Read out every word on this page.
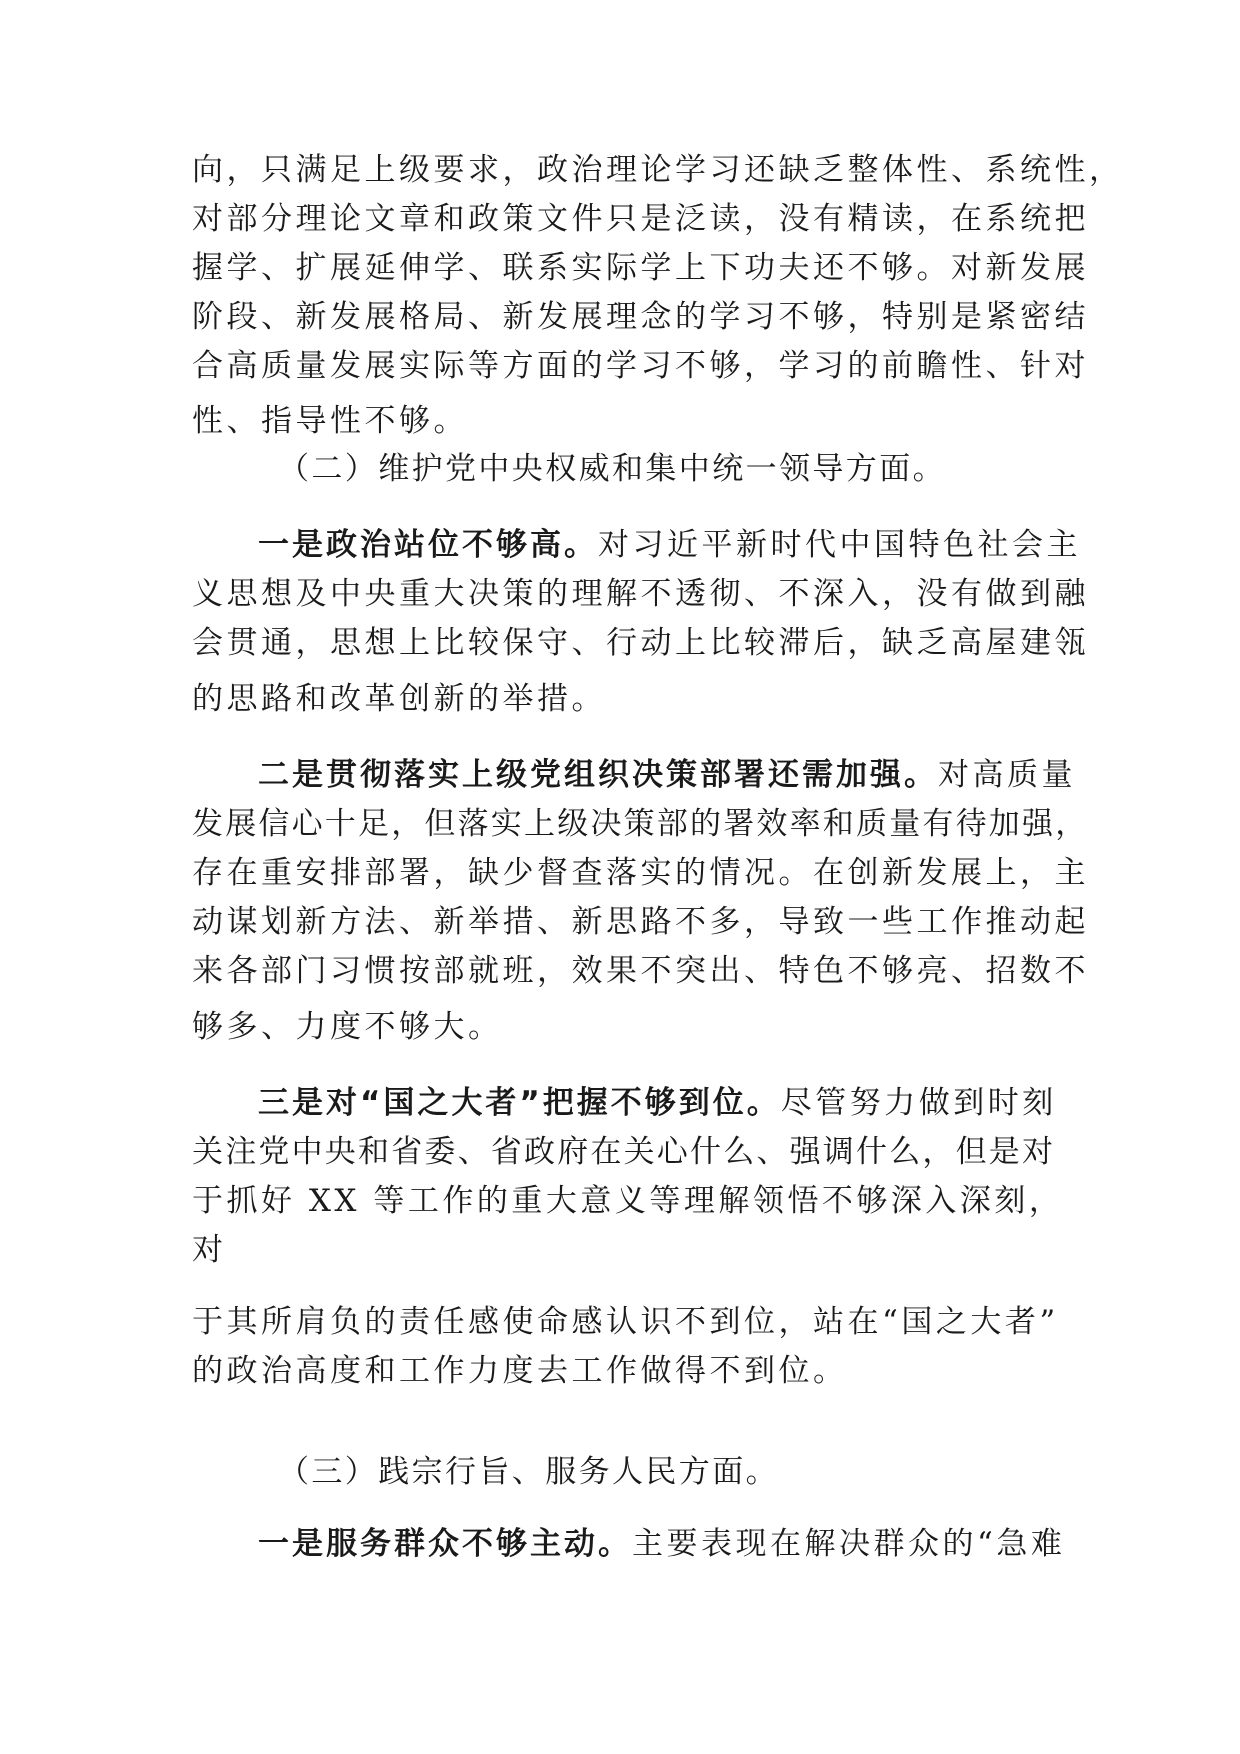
向，只满足上级要求，政治理论学习还缺乏整体性、系统性，
对部分理论文章和政策文件只是泛读，没有精读，在系统把
握学、扩展延伸学、联系实际学上下功夫还不够。对新发展
阶段、新发展格局、新发展理念的学习不够，特别是紧密结
合高质量发展实际等方面的学习不够，学习的前瞻性、针对
性、指导性不够。
（二）维护党中央权威和集中统一领导方面。
一是政治站位不够高。对习近平新时代中国特色社会主
义思想及中央重大决策的理解不透彻、不深入，没有做到融
会贯通，思想上比较保守、行动上比较滞后，缺乏高屋建瓴
的思路和改革创新的举措。
二是贯彻落实上级党组织决策部署还需加强。对高质量
发展信心十足，但落实上级决策部的署效率和质量有待加强，
存在重安排部署，缺少督查落实的情况。在创新发展上，主
动谋划新方法、新举措、新思路不多，导致一些工作推动起
来各部门习惯按部就班，效果不突出、特色不够亮、招数不
够多、力度不够大。
三是对“国之大者”把握不够到位。尽管努力做到时刻
关注党中央和省委、省政府在关心什么、强调什么，但是对
于抓好 XX 等工作的重大意义等理解领悟不够深入深刻，
对
于其所肩负的责任感使命感认识不到位，站在“国之大者”
的政治高度和工作力度去工作做得不到位。
（三）践宗行旨、服务人民方面。
一是服务群众不够主动。主要表现在解决群众的“急难
